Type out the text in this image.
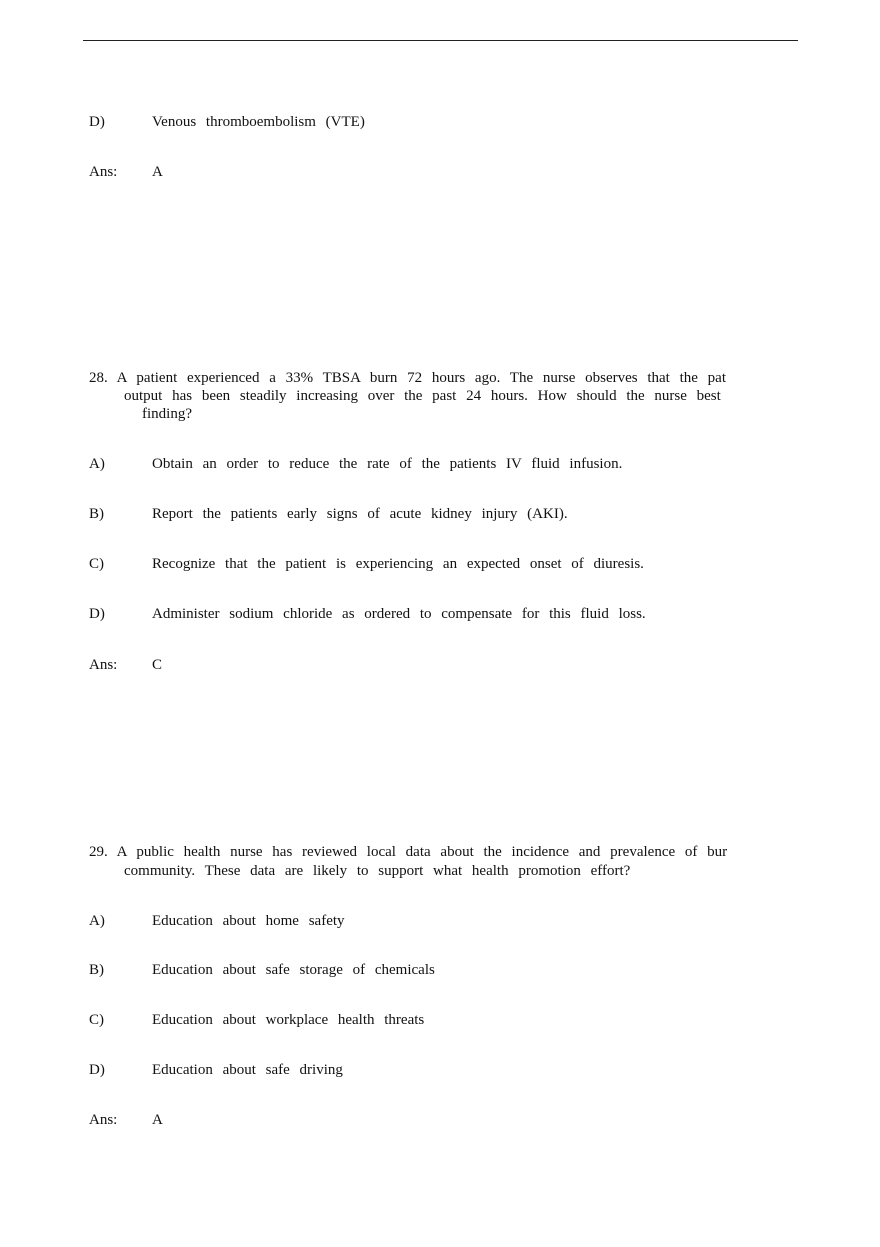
D)	Venous thromboembolism (VTE)
Ans: A
28. A patient experienced a 33% TBSA burn 72 hours ago. The nurse observes that the pat
output has been steadily increasing over the past 24 hours. How should the nurse best
finding?
A)	Obtain an order to reduce the rate of the patients IV fluid infusion.
B)	Report the patients early signs of acute kidney injury (AKI).
C)	Recognize that the patient is experiencing an expected onset of diuresis.
D)	Administer sodium chloride as ordered to compensate for this fluid loss.
Ans: C
29. A public health nurse has reviewed local data about the incidence and prevalence of bur
community. These data are likely to support what health promotion effort?
A)	Education about home safety
B)	Education about safe storage of chemicals
C)	Education about workplace health threats
D)	Education about safe driving
Ans: A
